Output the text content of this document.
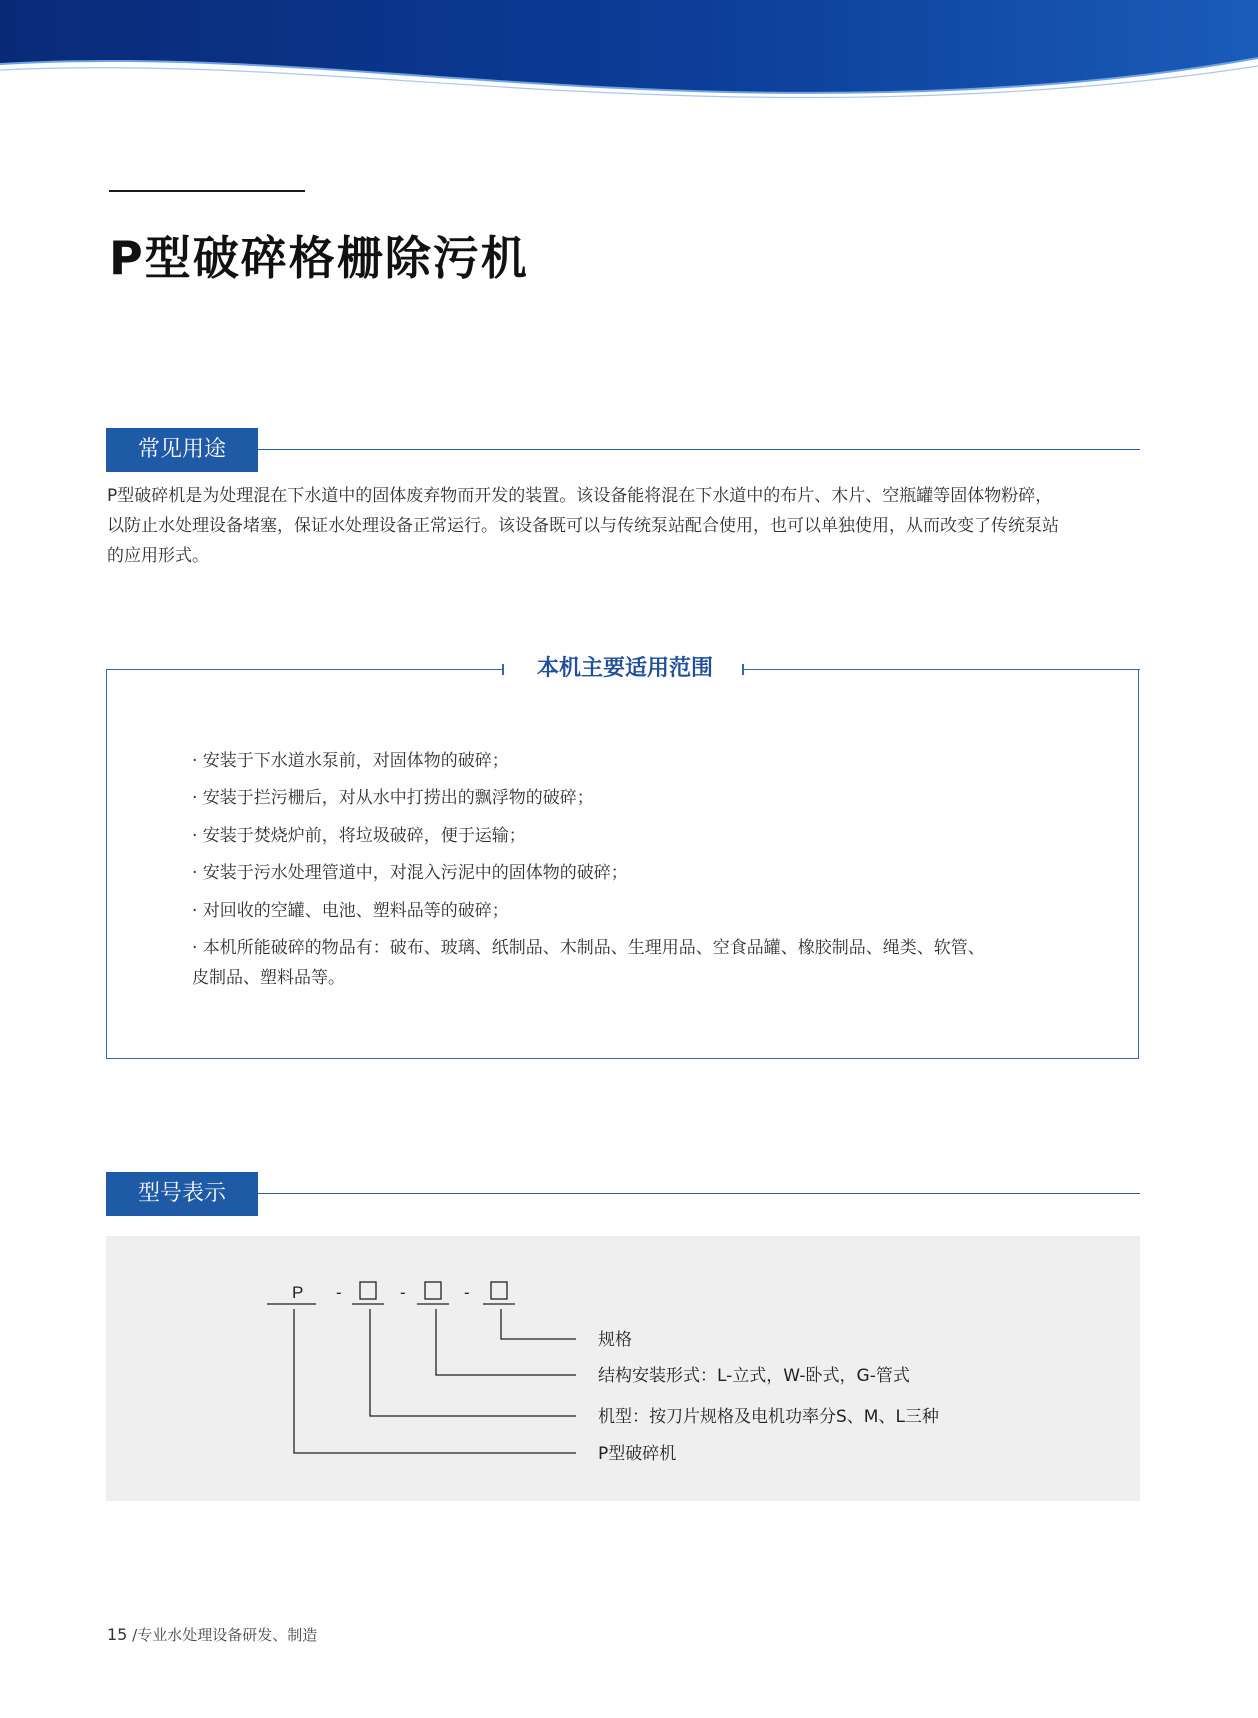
P型破碎格栅除污机
常见用途
P型破碎机是为处理混在下水道中的固体废弃物而开发的装置。该设备能将混在下水道中的布片、木片、空瓶罐等固体物粉碎，
以防止水处理设备堵塞，保证水处理设备正常运行。该设备既可以与传统泵站配合使用，也可以单独使用，从而改变了传统泵站
的应用形式。
本机主要适用范围
· 安装于下水道水泵前，对固体物的破碎；
· 安装于拦污栅后，对从水中打捞出的飘浮物的破碎；
· 安装于焚烧炉前，将垃圾破碎，便于运输；
· 安装于污水处理管道中，对混入污泥中的固体物的破碎；
· 对回收的空罐、电池、塑料品等的破碎；
· 本机所能破碎的物品有：破布、玻璃、纸制品、木制品、生理用品、空食品罐、橡胶制品、绳类、软管、
皮制品、塑料品等。
型号表示
P -	-	-
规格
结构安装形式：L-立式，W-卧式，G-管式
机型：按刀片规格及电机功率分S、M、L三种
P型破碎机
15 /专业水处理设备研发、制造
